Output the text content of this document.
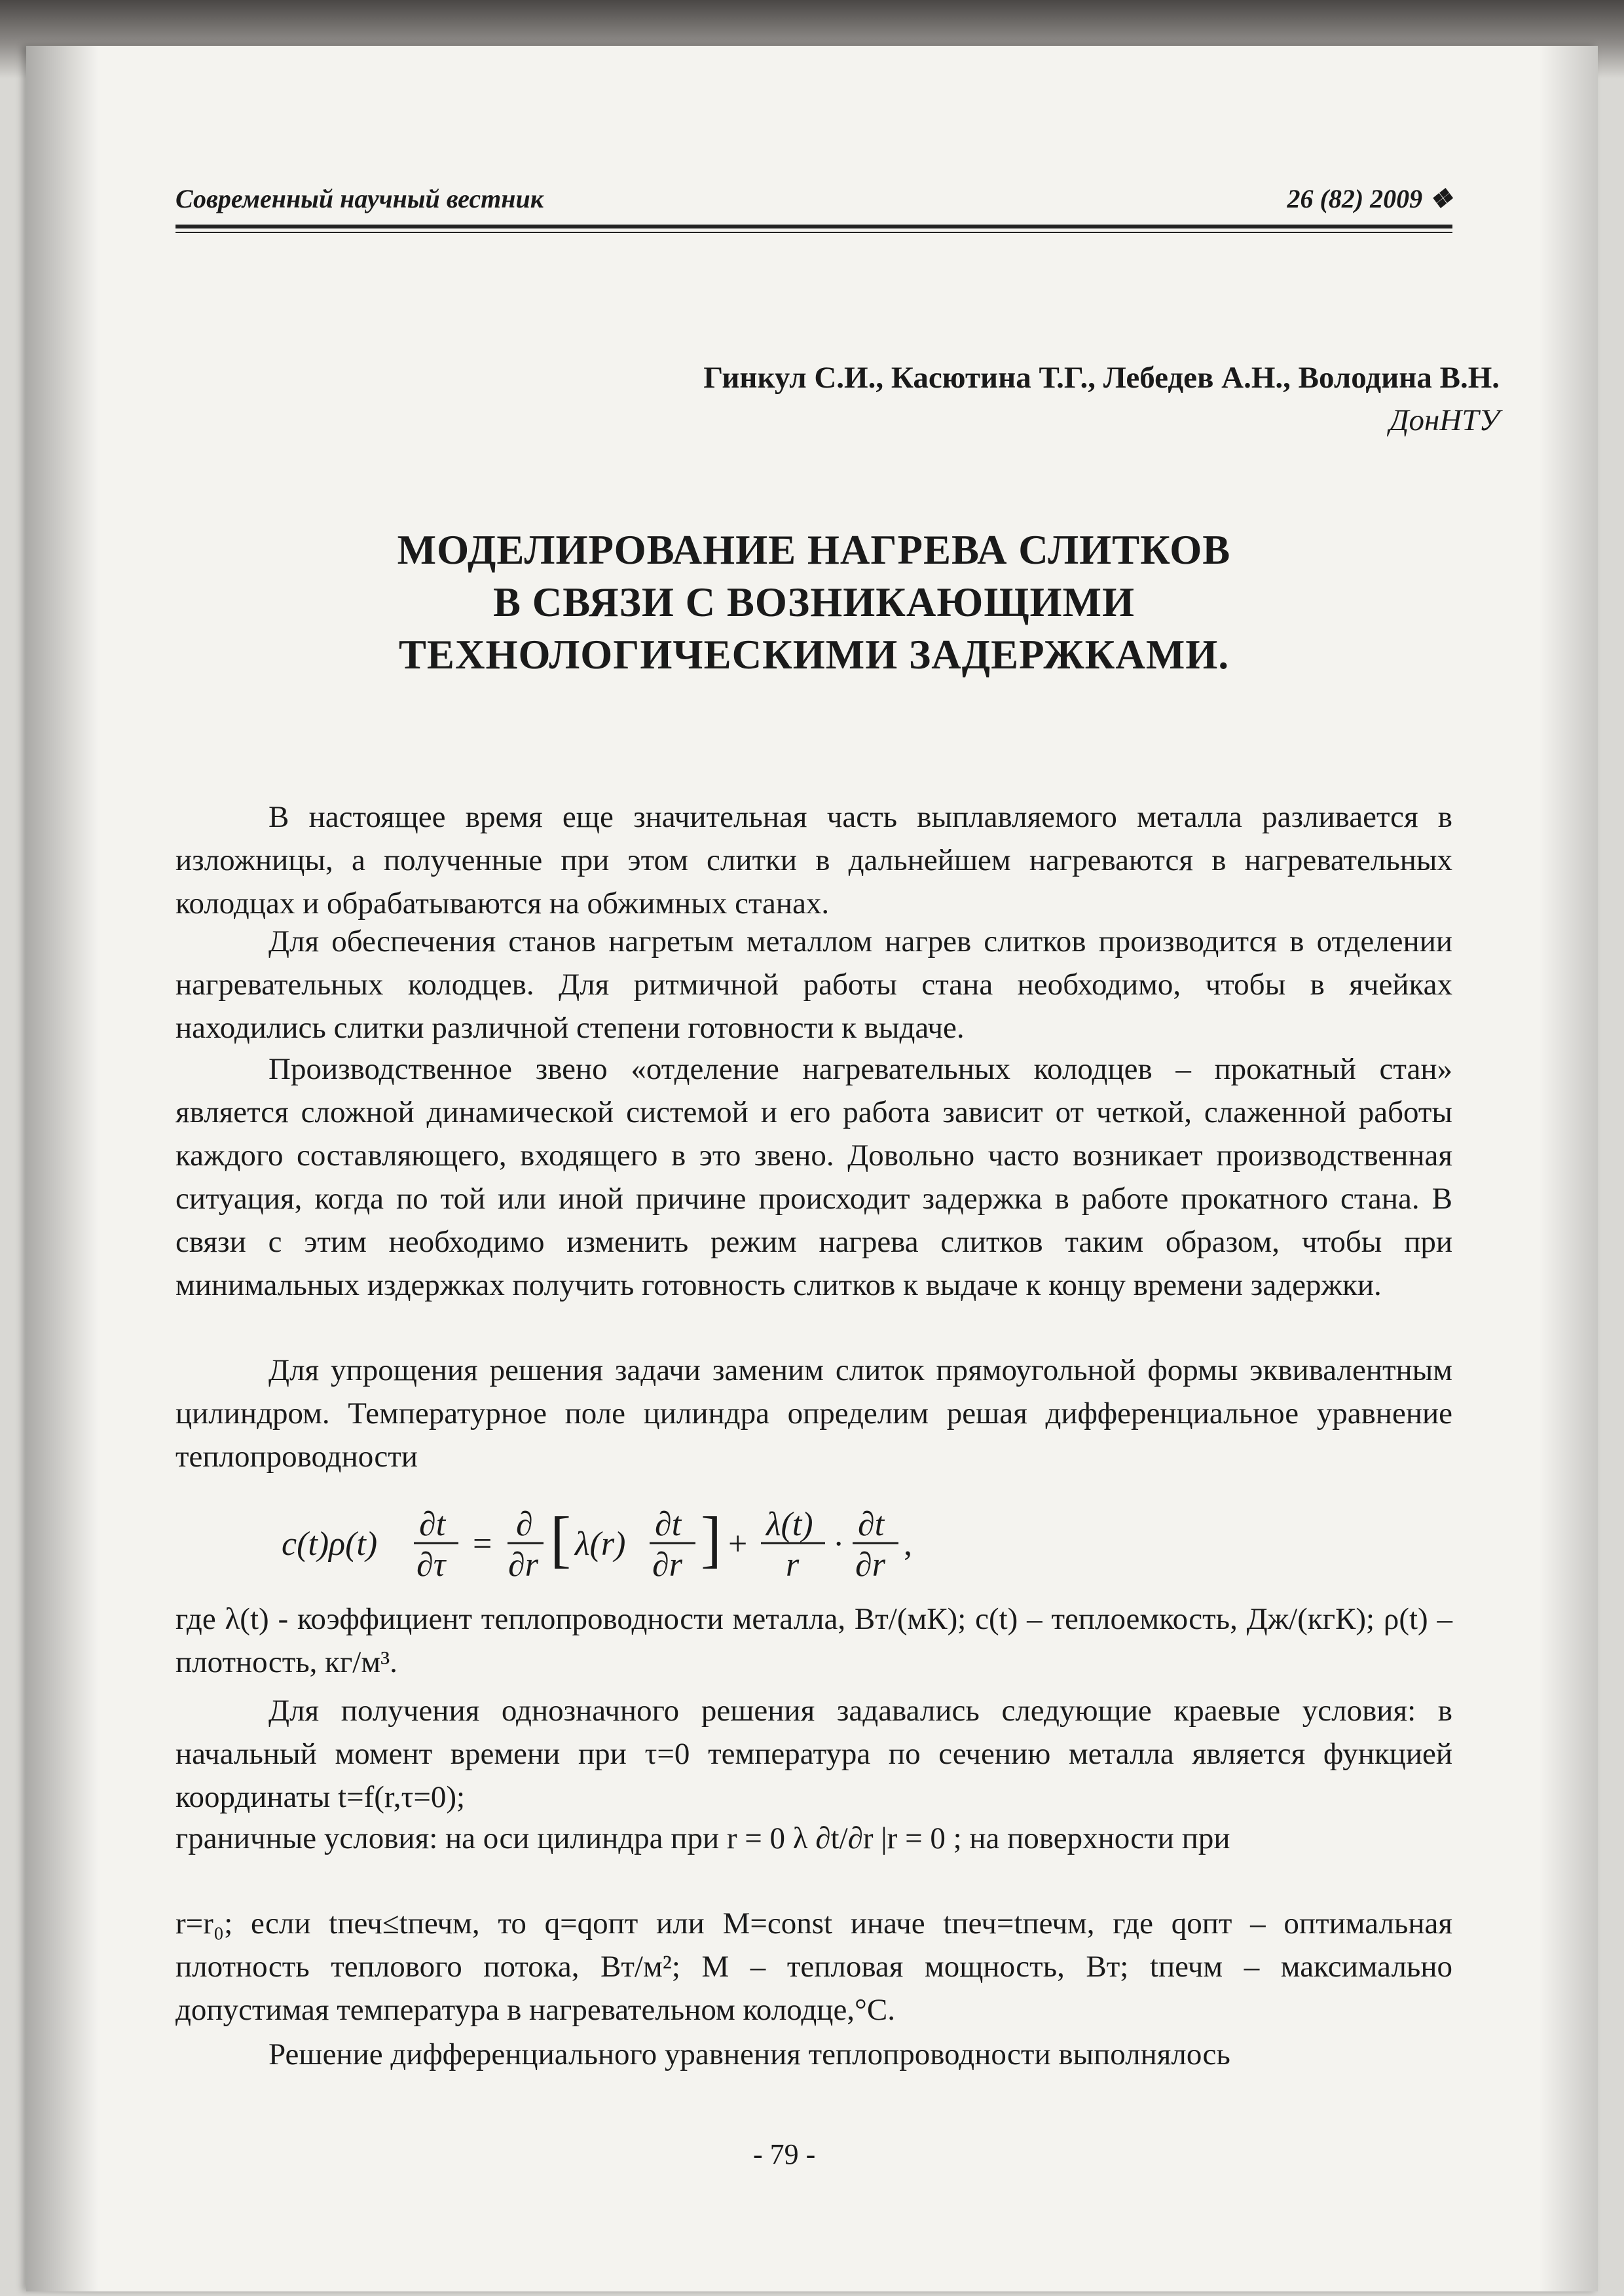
Современный научный вестник	26 (82) 2009 ❖
Гинкул С.И., Касютина Т.Г., Лебедев А.Н., Володина В.Н.
ДонНТУ
МОДЕЛИРОВАНИЕ НАГРЕВА СЛИТКОВ
В СВЯЗИ С ВОЗНИКАЮЩИМИ
ТЕХНОЛОГИЧЕСКИМИ ЗАДЕРЖКАМИ.

В настоящее время еще значительная часть выплавляемого металла разливается в изложницы, а полученные при этом слитки в дальнейшем нагреваются в нагревательных колодцах и обрабатываются на обжимных станах.

Для обеспечения станов нагретым металлом нагрев слитков производится в отделении нагревательных колодцев. Для ритмичной работы стана необходимо, чтобы в ячейках находились слитки различной степени готовности к выдаче.

Производственное звено «отделение нагревательных колодцев – прокатный стан» является сложной динамической системой и его работа зависит от четкой, слаженной работы каждого составляющего, входящего в это звено. Довольно часто возникает производственная ситуация, когда по той или иной причине происходит задержка в работе прокатного стана. В связи с этим необходимо изменить режим нагрева слитков таким образом, чтобы при минимальных издержках получить готовность слитков к выдаче к концу времени задержки.

Для упрощения решения задачи заменим слиток прямоугольной формы эквивалентным цилиндром. Температурное поле цилиндра определим решая дифференциальное уравнение теплопроводности

c(t)ρ(t)
∂t
∂τ
=
∂
∂r [ λ(r)
∂t
∂r ] +
λ(t)
r
·
∂t
∂r
,

где λ(t) - коэффициент теплопроводности металла, Вт/(мК); c(t) – теплоемкость, Дж/(кгК); ρ(t) – плотность, кг/м³.

Для получения однозначного решения задавались следующие краевые условия: в начальный момент времени при τ=0 температура по сечению металла является функцией координаты t=f(r,τ=0);

граничные условия: на оси цилиндра при r = 0 λ ∂t/∂r |r = 0 ; на поверхности при

r=r₀; если tпеч≤tпечм, то q=qопт или M=const иначе tпеч=tпечм, где qопт – оптимальная плотность теплового потока, Вт/м²; M – тепловая мощность, Вт; tпечм – максимально допустимая температура в нагревательном колодце,°С.

Решение дифференциального уравнения теплопроводности выполнялось

- 79 -
